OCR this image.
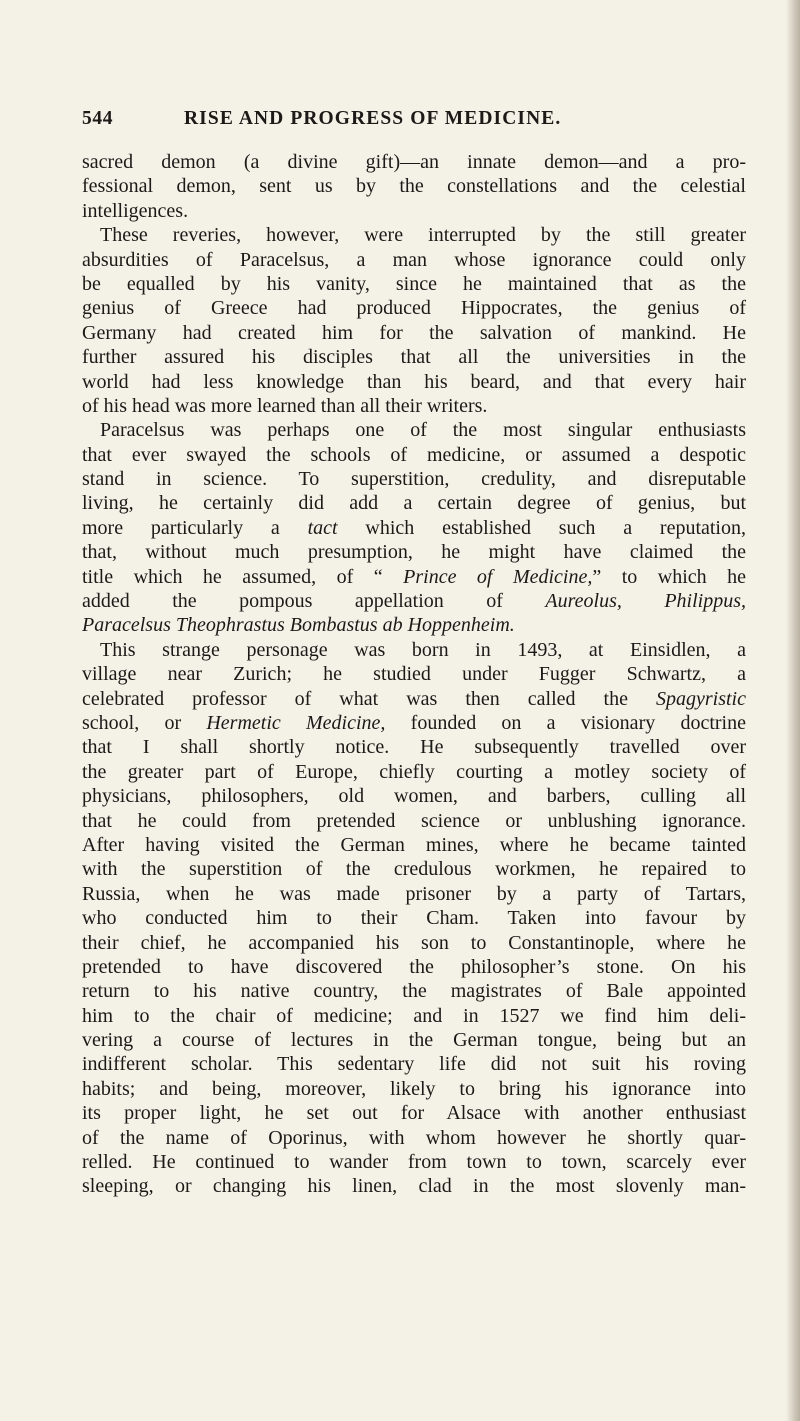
544	RISE AND PROGRESS OF MEDICINE.
sacred demon (a divine gift)—an innate demon—and a pro-
fessional demon, sent us by the constellations and the celestial
intelligences.
These reveries, however, were interrupted by the still greater
absurdities of Paracelsus, a man whose ignorance could only
be equalled by his vanity, since he maintained that as the
genius of Greece had produced Hippocrates, the genius of
Germany had created him for the salvation of mankind. He
further assured his disciples that all the universities in the
world had less knowledge than his beard, and that every hair
of his head was more learned than all their writers.
Paracelsus was perhaps one of the most singular enthusiasts
that ever swayed the schools of medicine, or assumed a despotic
stand in science. To superstition, credulity, and disreputable
living, he certainly did add a certain degree of genius, but
more particularly a tact which established such a reputation,
that, without much presumption, he might have claimed the
title which he assumed, of “ Prince of Medicine,” to which he
added the pompous appellation of Aureolus, Philippus,
Paracelsus Theophrastus Bombastus ab Hoppenheim.
This strange personage was born in 1493, at Einsidlen, a
village near Zurich; he studied under Fugger Schwartz, a
celebrated professor of what was then called the Spagyristic
school, or Hermetic Medicine, founded on a visionary doctrine
that I shall shortly notice. He subsequently travelled over
the greater part of Europe, chiefly courting a motley society of
physicians, philosophers, old women, and barbers, culling all
that he could from pretended science or unblushing ignorance.
After having visited the German mines, where he became tainted
with the superstition of the credulous workmen, he repaired to
Russia, when he was made prisoner by a party of Tartars,
who conducted him to their Cham. Taken into favour by
their chief, he accompanied his son to Constantinople, where he
pretended to have discovered the philosopher’s stone. On his
return to his native country, the magistrates of Bale appointed
him to the chair of medicine; and in 1527 we find him deli-
vering a course of lectures in the German tongue, being but an
indifferent scholar. This sedentary life did not suit his roving
habits; and being, moreover, likely to bring his ignorance into
its proper light, he set out for Alsace with another enthusiast
of the name of Oporinus, with whom however he shortly quar-
relled. He continued to wander from town to town, scarcely ever
sleeping, or changing his linen, clad in the most slovenly man-
